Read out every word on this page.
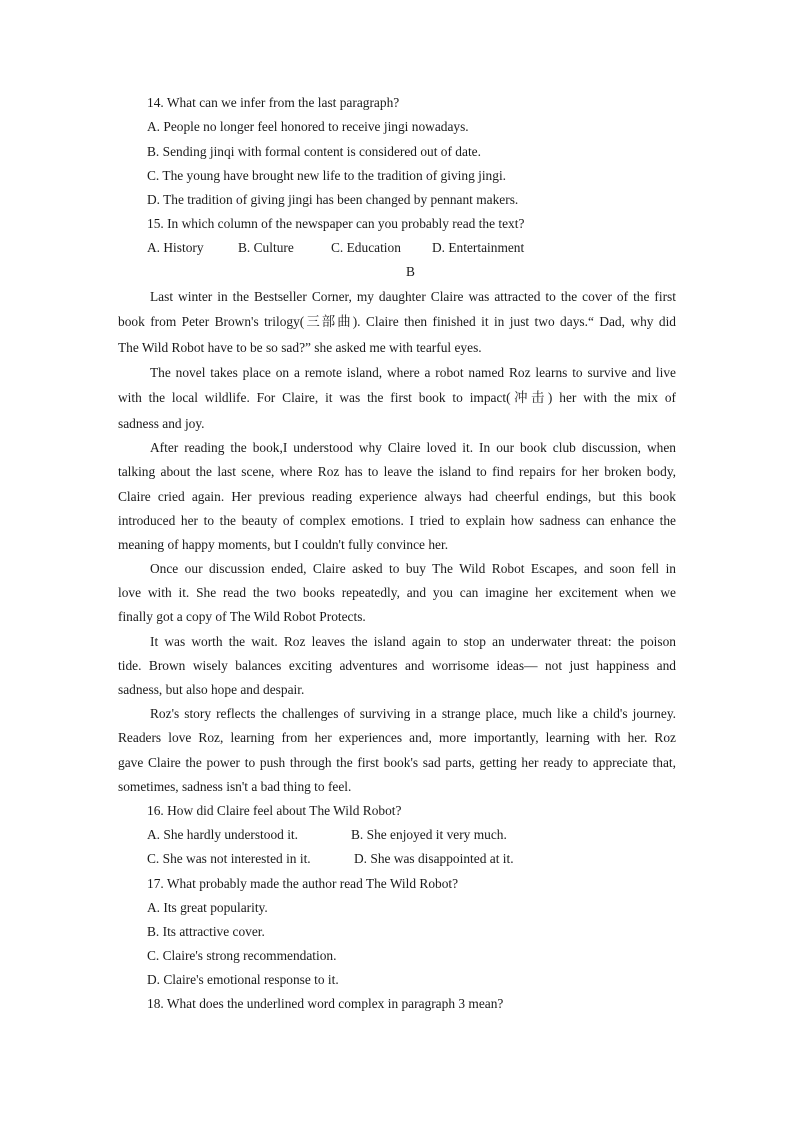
14. What can we infer from the last paragraph?
A. People no longer feel honored to receive jingi nowadays.
B. Sending jinqi with formal content is considered out of date.
C. The young have brought new life to the tradition of giving jingi.
D. The tradition of giving jingi has been changed by pennant makers.
15. In which column of the newspaper can you probably read the text?
A. History	B. Culture	C. Education D. Entertainment
B
Last winter in the Bestseller Corner, my daughter Claire was attracted to the cover of the first
book from Peter Brown's trilogy(三部曲). Claire then finished it in just two days.“ Dad, why did
The Wild Robot have to be so sad?” she asked me with tearful eyes.
The novel takes place on a remote island, where a robot named Roz learns to survive and live
with the local wildlife. For Claire, it was the first book to impact(冲击) her with the mix of
sadness and joy.
After reading the book,I understood why Claire loved it. In our book club discussion, when
talking about the last scene, where Roz has to leave the island to find repairs for her broken body,
Claire cried again. Her previous reading experience always had cheerful endings, but this book
introduced her to the beauty of complex emotions. I tried to explain how sadness can enhance the
meaning of happy moments, but I couldn't fully convince her.
Once our discussion ended, Claire asked to buy The Wild Robot Escapes, and soon fell in
love with it. She read the two books repeatedly, and you can imagine her excitement when we
finally got a copy of The Wild Robot Protects.
It was worth the wait. Roz leaves the island again to stop an underwater threat: the poison
tide. Brown wisely balances exciting adventures and worrisome ideas— not just happiness and
sadness, but also hope and despair.
Roz's story reflects the challenges of surviving in a strange place, much like a child's journey.
Readers love Roz, learning from her experiences and, more importantly, learning with her. Roz
gave Claire the power to push through the first book's sad parts, getting her ready to appreciate that,
sometimes, sadness isn't a bad thing to feel.
16. How did Claire feel about The Wild Robot?
A. She hardly understood it.	B. She enjoyed it very much.
C. She was not interested in it.	D. She was disappointed at it.
17. What probably made the author read The Wild Robot?
A. Its great popularity.
B. Its attractive cover.
C. Claire's strong recommendation.
D. Claire's emotional response to it.
18. What does the underlined word complex in paragraph 3 mean?
